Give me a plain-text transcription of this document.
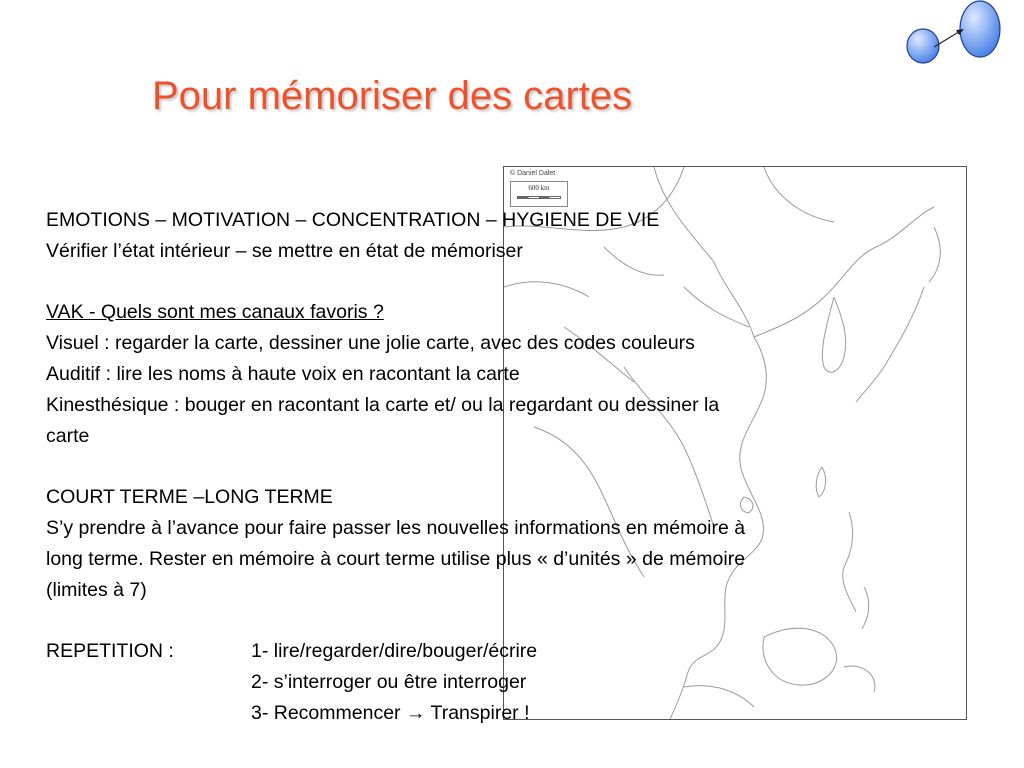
Pour mémoriser des cartes
© Daniel Dalet
600 km
EMOTIONS – MOTIVATION – CONCENTRATION – HYGIENE DE VIE
Vérifier l’état intérieur – se mettre en état de mémoriser
VAK - Quels sont mes canaux favoris ?
Visuel : regarder la carte, dessiner une jolie carte, avec des codes couleurs
Auditif : lire les noms à haute voix en racontant la carte
Kinesthésique : bouger en racontant la carte et/ ou la regardant ou dessiner la
carte
COURT TERME –LONG TERME
S’y prendre à l’avance pour faire passer les nouvelles informations en mémoire à
long terme. Rester en mémoire à court terme utilise plus « d’unités » de mémoire
(limites à 7)
REPETITION :	1- lire/regarder/dire/bouger/écrire
2- s’interroger ou être interroger
3- Recommencer → Transpirer !
